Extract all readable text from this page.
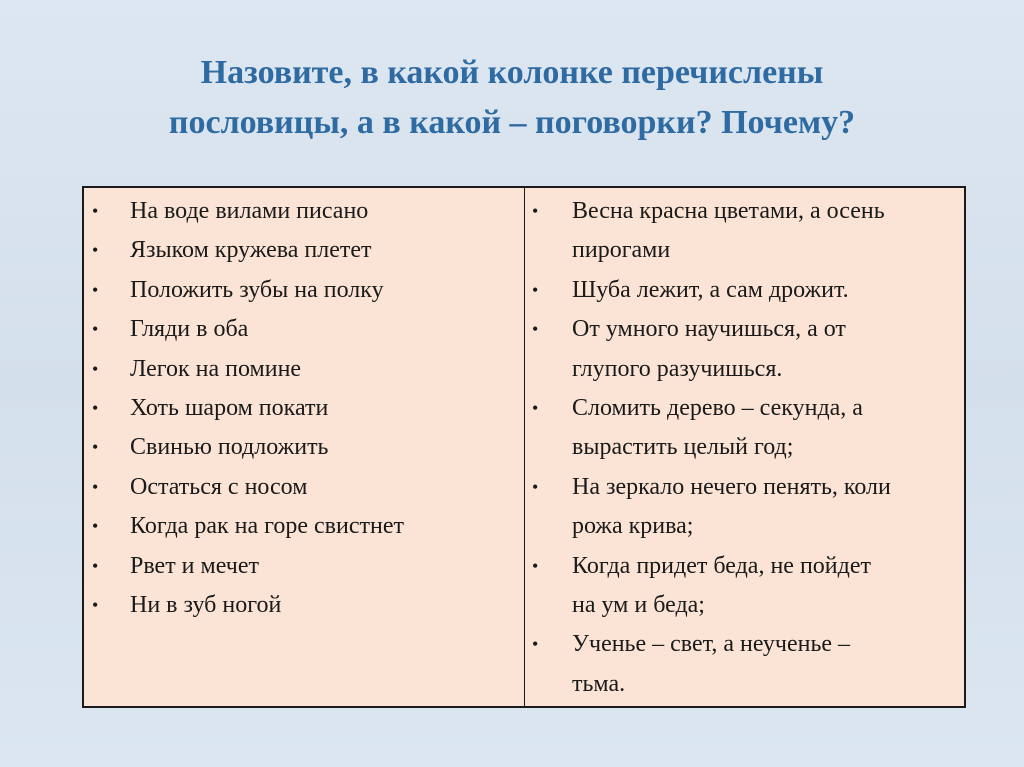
Назовите, в какой колонке перечислены
пословицы, а в какой – поговорки? Почему?
• На воде вилами писано
• Языком кружева плетет
• Положить зубы на полку
• Гляди в оба
• Легок на помине
• Хоть шаром покати
• Свинью подложить
• Остаться с носом
• Когда рак на горе свистнет
• Рвет и мечет
• Ни в зуб ногой
• Весна красна цветами, а осень
пирогами
• Шуба лежит, а сам дрожит.
• От умного научишься, а от
глупого разучишься.
• Сломить дерево – секунда, а
вырастить целый год;
• На зеркало нечего пенять, коли
рожа крива;
• Когда придет беда, не пойдет
на ум и беда;
• Ученье – свет, а неученье –
тьма.
